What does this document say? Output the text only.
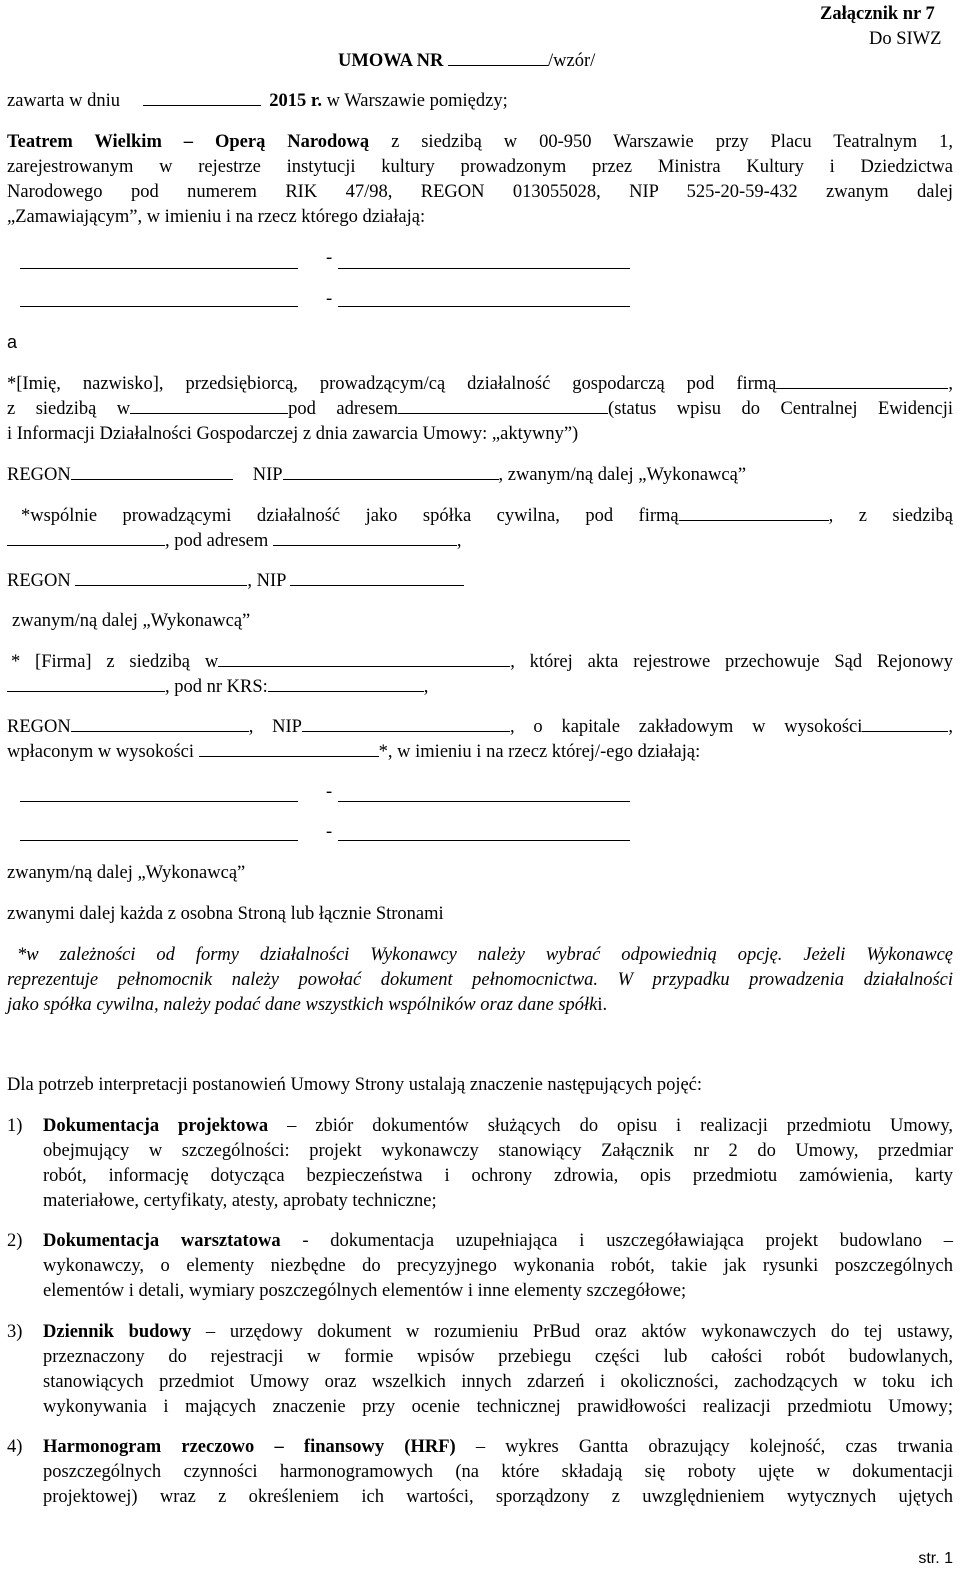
Załącznik nr 7
Do SIWZ
UMOWA NR	/wzór/
zawarta w dniu	2015 r. w Warszawie pomiędzy;
Teatrem Wielkim – Operą Narodową z siedzibą w 00-950 Warszawie przy Placu Teatralnym 1,
zarejestrowanym w rejestrze instytucji kultury prowadzonym przez Ministra Kultury i Dziedzictwa
Narodowego pod numerem RIK 47/98, REGON 013055028, NIP 525-20-59-432 zwanym dalej
„Zamawiającym”, w imieniu i na rzecz którego działają:
-
-
a
*[Imię, nazwisko], przedsiębiorcą, prowadzącym/cą działalność gospodarczą pod firmą	,
z siedzibą w	pod adresem	(status wpisu do Centralnej Ewidencji
i Informacji Działalności Gospodarczej z dnia zawarcia Umowy: „aktywny”)
REGON	NIP	, zwanym/ną dalej „Wykonawcą”
*wspólnie prowadzącymi działalność jako spółka cywilna, pod firmą	, z siedzibą
, pod adresem	,
REGON	, NIP
zwanym/ną dalej „Wykonawcą”
* [Firma] z siedzibą w	, której akta rejestrowe przechowuje Sąd Rejonowy
, pod nr KRS:	,
REGON	, NIP	, o kapitale zakładowym w wysokości	,
wpłaconym w wysokości	*, w imieniu i na rzecz której/-ego działają:
-
-
zwanym/ną dalej „Wykonawcą”
zwanymi dalej każda z osobna Stroną lub łącznie Stronami
*w zależności od formy działalności Wykonawcy należy wybrać odpowiednią opcję. Jeżeli Wykonawcę
reprezentuje pełnomocnik należy powołać dokument pełnomocnictwa. W przypadku prowadzenia działalności
jako spółka cywilna, należy podać dane wszystkich wspólników oraz dane spółki.
Dla potrzeb interpretacji postanowień Umowy Strony ustalają znaczenie następujących pojęć:
1) Dokumentacja projektowa – zbiór dokumentów służących do opisu i realizacji przedmiotu Umowy,
obejmujący w szczególności: projekt wykonawczy stanowiący Załącznik nr 2 do Umowy, przedmiar
robót, informację dotycząca bezpieczeństwa i ochrony zdrowia, opis przedmiotu zamówienia, karty
materiałowe, certyfikaty, atesty, aprobaty techniczne;
2) Dokumentacja warsztatowa - dokumentacja uzupełniająca i uszczegóławiająca projekt budowlano –
wykonawczy, o elementy niezbędne do precyzyjnego wykonania robót, takie jak rysunki poszczególnych
elementów i detali, wymiary poszczególnych elementów i inne elementy szczegółowe;
3) Dziennik budowy – urzędowy dokument w rozumieniu PrBud oraz aktów wykonawczych do tej ustawy,
przeznaczony do rejestracji w formie wpisów przebiegu części lub całości robót budowlanych,
stanowiących przedmiot Umowy oraz wszelkich innych zdarzeń i okoliczności, zachodzących w toku ich
wykonywania i mających znaczenie przy ocenie technicznej prawidłowości realizacji przedmiotu Umowy;
4) Harmonogram rzeczowo – finansowy (HRF) – wykres Gantta obrazujący kolejność, czas trwania
poszczególnych czynności harmonogramowych (na które składają się roboty ujęte w dokumentacji
projektowej) wraz z określeniem ich wartości, sporządzony z uwzględnieniem wytycznych ujętych
str. 1
